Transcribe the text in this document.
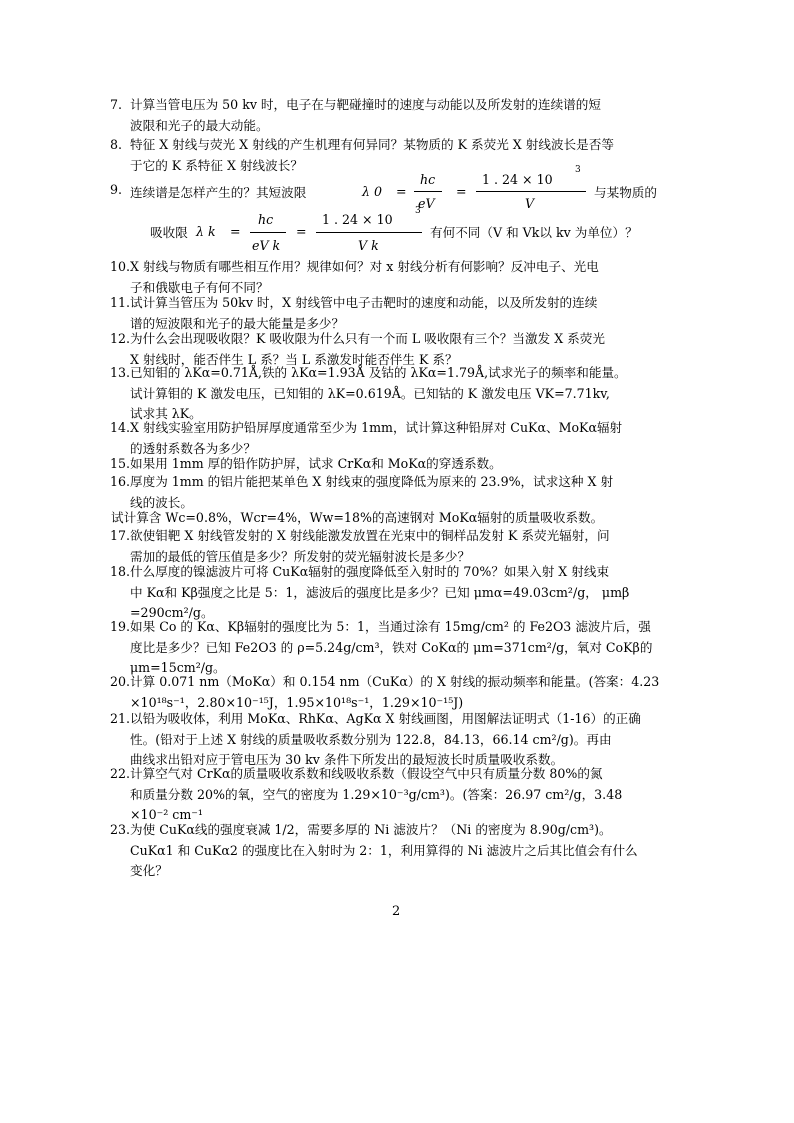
7. 计算当管电压为 50 kv 时，电子在与靶碰撞时的速度与动能以及所发射的连续谱的短
波限和光子的最大动能。
8. 特征 X 射线与荧光 X 射线的产生机理有何异同？某物质的 K 系荧光 X 射线波长是否等
于它的 K 系特征 X 射线波长？
9. 连续谱是怎样产生的？其短波限	λ 0 =
hc
eV
=
1 . 24 × 10
3
V
与某物质的
吸收限 λ k =
hc
eV k
=
1 . 24 × 10
3
V k
有何不同（V 和 Vk以 kv 为单位）？
10. X 射线与物质有哪些相互作用？规律如何？对 x 射线分析有何影响？反冲电子、光电
子和俄歇电子有何不同？
11. 试计算当管压为 50kv 时，X 射线管中电子击靶时的速度和动能，以及所发射的连续
谱的短波限和光子的最大能量是多少？
12. 为什么会出现吸收限？K 吸收限为什么只有一个而 L 吸收限有三个？当激发 X 系荧光
X 射线时，能否伴生 L 系？当 L 系激发时能否伴生 K 系？
13. 已知钼的 λKα=0.71Å,铁的 λKα=1.93Å 及钴的 λKα=1.79Å,试求光子的频率和能量。
试计算钼的 K 激发电压，已知钼的 λK=0.619Å。已知钴的 K 激发电压 VK=7.71kv,
试求其 λK。
14. X 射线实验室用防护铅屏厚度通常至少为 1mm，试计算这种铅屏对 CuKα、MoKα辐射
的透射系数各为多少？
15. 如果用 1mm 厚的铅作防护屏，试求 CrKα和 MoKα的穿透系数。
16. 厚度为 1mm 的铝片能把某单色 X 射线束的强度降低为原来的 23.9%，试求这种 X 射
线的波长。
试计算含 Wc=0.8%，Wcr=4%，Ww=18%的高速钢对 MoKα辐射的质量吸收系数。
17. 欲使钼靶 X 射线管发射的 X 射线能激发放置在光束中的铜样品发射 K 系荧光辐射，问
需加的最低的管压值是多少？所发射的荧光辐射波长是多少？
18. 什么厚度的镍滤波片可将 CuKα辐射的强度降低至入射时的 70%？如果入射 X 射线束
中 Kα和 Kβ强度之比是 5：1，滤波后的强度比是多少？已知 μmα=49.03cm²/g， μmβ
=290cm²/g。
19. 如果 Co 的 Kα、Kβ辐射的强度比为 5：1，当通过涂有 15mg/cm² 的 Fe2O3 滤波片后，强
度比是多少？已知 Fe2O3 的 ρ=5.24g/cm³，铁对 CoKα的 μm=371cm²/g，氧对 CoKβ的
μm=15cm²/g。
20. 计算 0.071 nm（MoKα）和 0.154 nm（CuKα）的 X 射线的振动频率和能量。(答案：4.23
×10¹⁸s⁻¹，2.80×10⁻¹⁵J，1.95×10¹⁸s⁻¹，1.29×10⁻¹⁵J)
21. 以铅为吸收体，利用 MoKα、RhKα、AgKα X 射线画图，用图解法证明式（1-16）的正确
性。(铅对于上述 X 射线的质量吸收系数分别为 122.8，84.13，66.14 cm²/g)。再由
曲线求出铅对应于管电压为 30 kv 条件下所发出的最短波长时质量吸收系数。
22. 计算空气对 CrKα的质量吸收系数和线吸收系数（假设空气中只有质量分数 80%的氮
和质量分数 20%的氧，空气的密度为 1.29×10⁻³g/cm³)。(答案：26.97 cm²/g，3.48
×10⁻² cm⁻¹
23. 为使 CuKα线的强度衰减 1/2，需要多厚的 Ni 滤波片？（Ni 的密度为 8.90g/cm³)。
CuKα1 和 CuKα2 的强度比在入射时为 2：1，利用算得的 Ni 滤波片之后其比值会有什么
变化？
2
